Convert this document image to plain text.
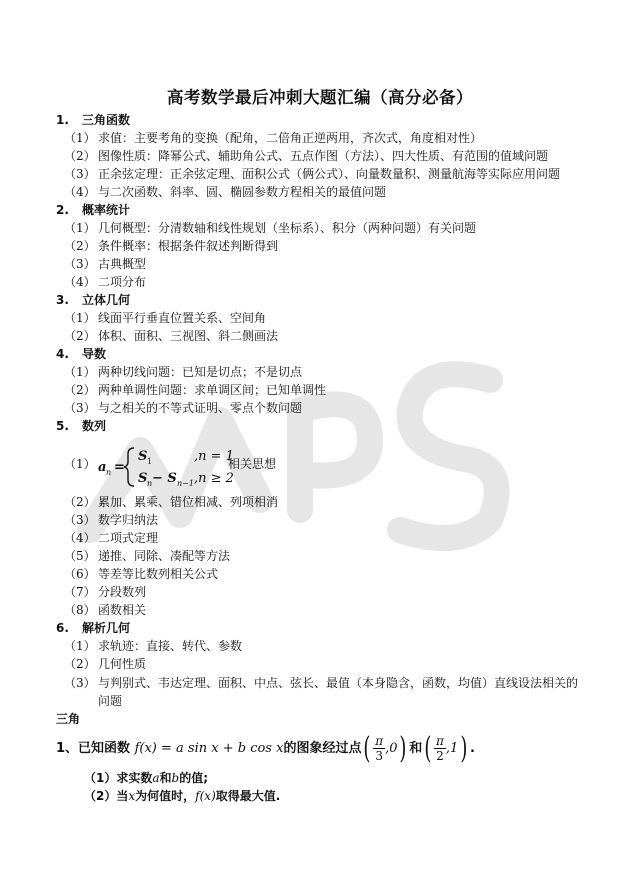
高考数学最后冲刺大题汇编（高分必备）
1. 三角函数
（1） 求值：主要考角的变换（配角，二倍角正逆两用，齐次式，角度相对性）
（2） 图像性质：降幂公式、辅助角公式、五点作图（方法）、四大性质、有范围的值域问题
（3） 正余弦定理：正余弦定理、面积公式（俩公式）、向量数量积、测量航海等实际应用问题
（4） 与二次函数、斜率、圆、椭圆参数方程相关的最值问题
2. 概率统计
（1） 几何概型：分清数轴和线性规划（坐标系）、积分（两种问题）有关问题
（2） 条件概率：根据条件叙述判断得到
（3） 古典概型
（4） 二项分布
3. 立体几何
（1） 线面平行垂直位置关系、空间角
（2） 体积、面积、三视图、斜二侧画法
4. 导数
（1） 两种切线问题：已知是切点；不是切点
（2） 两种单调性问题：求单调区间；已知单调性
（3） 与之相关的不等式证明、零点个数问题
5. 数列
（1） a n =
S 1	,n = 1
S n − S n−1 ,n ≥ 2
相关思想
（2） 累加、累乘、错位相减、列项相消
（3） 数学归纳法
（4） 二项式定理
（5） 递推、同除、凑配等方法
（6） 等差等比数列相关公式
（7） 分段数列
（8） 函数相关
6. 解析几何
（1） 求轨迹：直接、转代、参数
（2） 几何性质
（3） 与判别式、韦达定理、面积、中点、弦长、最值（本身隐含，函数，均值）直线设法相关的
问题
三角
1、已知函数 f(x) = a sin x + b cos x的图象经过点( $\frac{\pi}{3} ,0$) 和( $\frac{\pi}{2} ,1$) .
（1）求实数a和b的值;
（2）当x为何值时，f(x)取得最大值.
